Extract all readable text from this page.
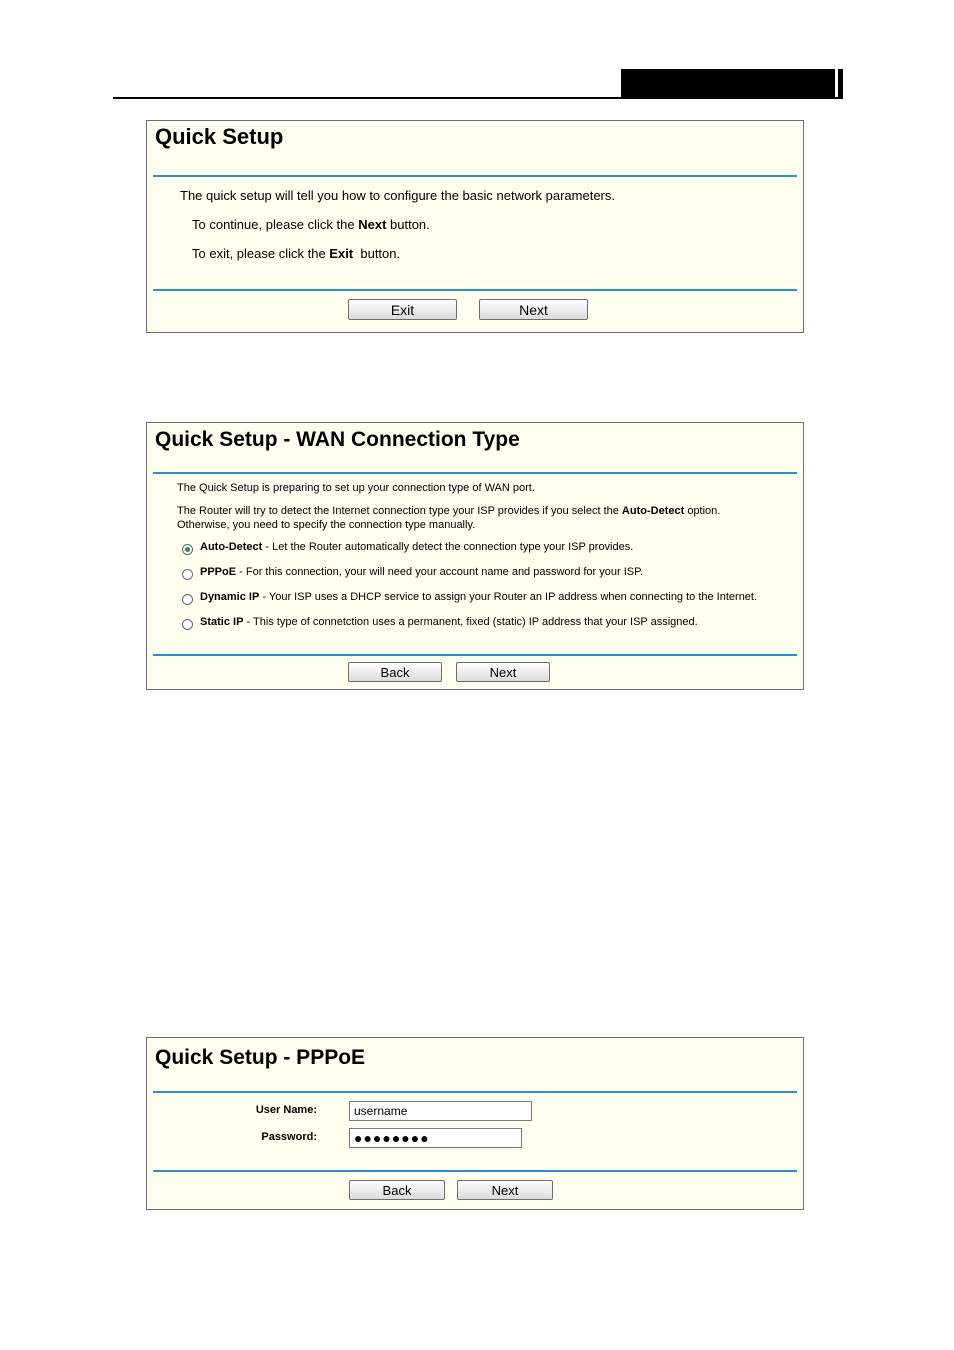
Quick Setup
The quick setup will tell you how to configure the basic network parameters.
To continue, please click the Next button.
To exit, please click the Exit  button.
Exit	Next
Quick Setup - WAN Connection Type
The Quick Setup is preparing to set up your connection type of WAN port.
The Router will try to detect the Internet connection type your ISP provides if you select the Auto-Detect option.
Otherwise, you need to specify the connection type manually.
Auto-Detect - Let the Router automatically detect the connection type your ISP provides.
PPPoE - For this connection, your will need your account name and password for your ISP.
Dynamic IP - Your ISP uses a DHCP service to assign your Router an IP address when connecting to the Internet.
Static IP - This type of connetction uses a permanent, fixed (static) IP address that your ISP assigned.
Back	Next
Quick Setup - PPPoE
User Name:
username
Password:	●●●●●●●●
Back	Next
